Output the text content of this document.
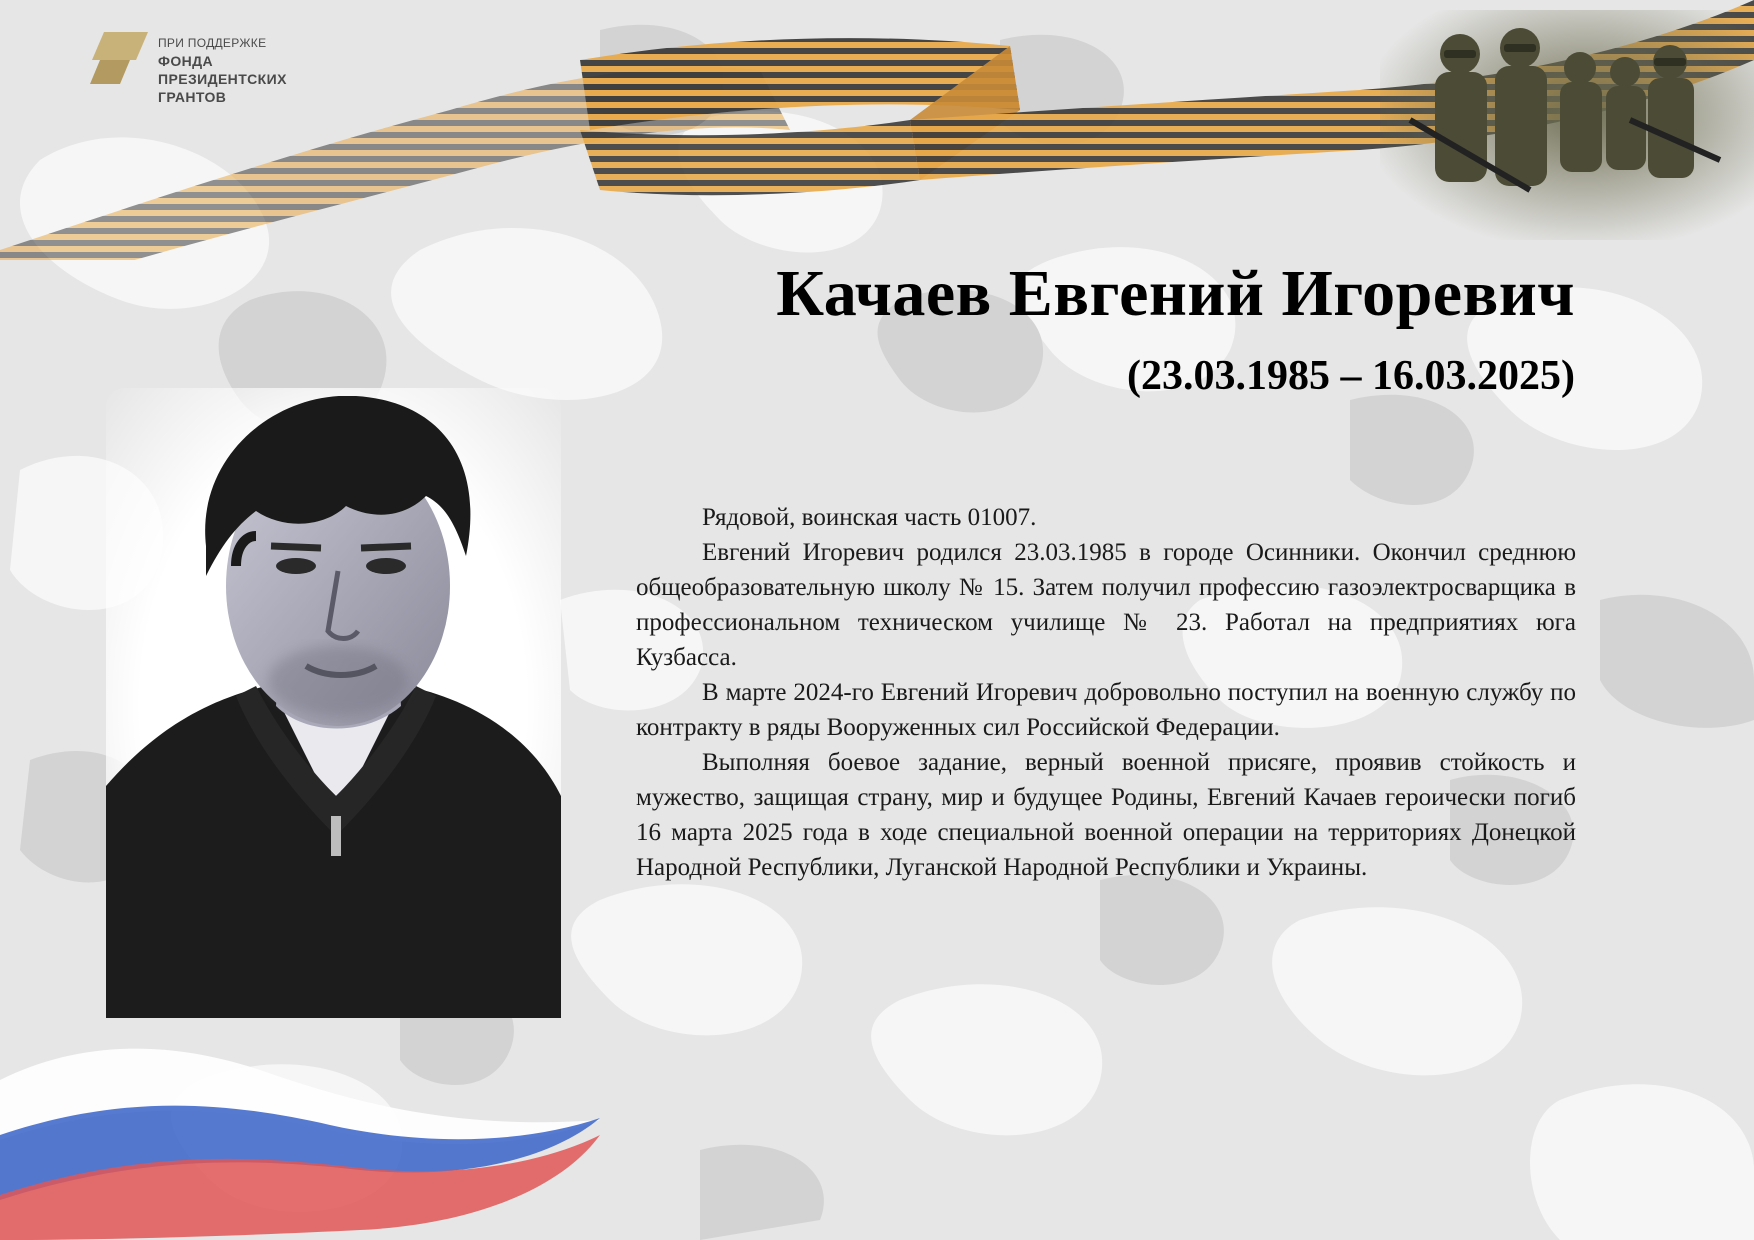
ПРИ ПОДДЕРЖКЕ
ФОНДА
ПРЕЗИДЕНТСКИХ
ГРАНТОВ
Качаев Евгений Игоревич
(23.03.1985 – 16.03.2025)

Рядовой, воинская часть 01007.

Евгений Игоревич родился 23.03.1985 в городе Осинники. Окончил среднюю общеобразовательную школу № 15. Затем получил профессию газоэлектросварщика в профессиональном техническом училище № 23. Работал на предприятиях юга Кузбасса.

В марте 2024-го Евгений Игоревич добровольно поступил на военную службу по контракту в ряды Вооруженных сил Российской Федерации.

Выполняя боевое задание, верный военной присяге, проявив стойкость и мужество, защищая страну, мир и будущее Родины, Евгений Качаев героически погиб 16 марта 2025 года в ходе специальной военной операции на территориях Донецкой Народной Республики, Луганской Народной Республики и Украины.
